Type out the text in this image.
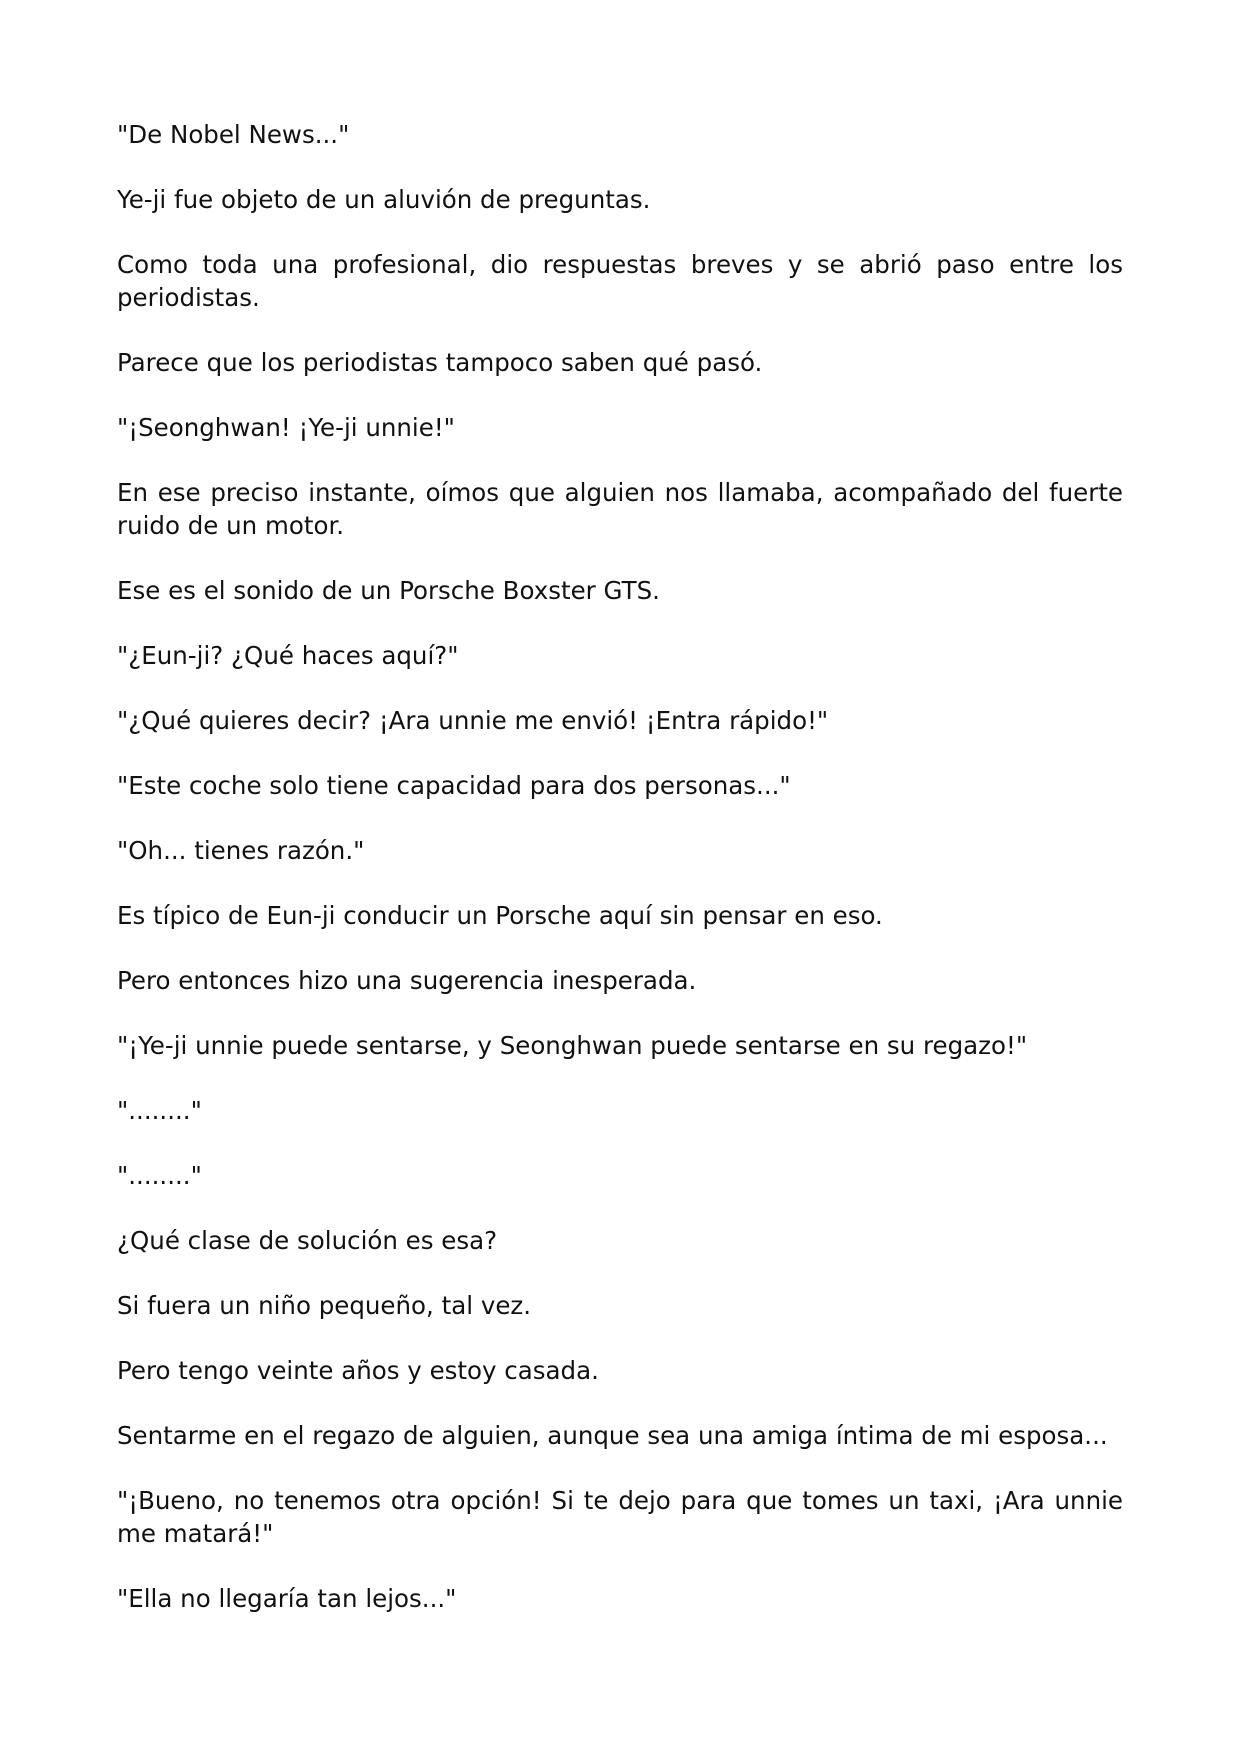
"De Nobel News..."

Ye-ji fue objeto de un aluvión de preguntas.

Como toda una profesional, dio respuestas breves y se abrió paso entre los periodistas.

Parece que los periodistas tampoco saben qué pasó.

"¡Seonghwan! ¡Ye-ji unnie!"

En ese preciso instante, oímos que alguien nos llamaba, acompañado del fuerte ruido de un motor.

Ese es el sonido de un Porsche Boxster GTS.

"¿Eun-ji? ¿Qué haces aquí?"

"¿Qué quieres decir? ¡Ara unnie me envió! ¡Entra rápido!"

"Este coche solo tiene capacidad para dos personas..."

"Oh... tienes razón."

Es típico de Eun-ji conducir un Porsche aquí sin pensar en eso.

Pero entonces hizo una sugerencia inesperada.

"¡Ye-ji unnie puede sentarse, y Seonghwan puede sentarse en su regazo!"

"........"

"........"

¿Qué clase de solución es esa?

Si fuera un niño pequeño, tal vez.

Pero tengo veinte años y estoy casada.

Sentarme en el regazo de alguien, aunque sea una amiga íntima de mi esposa...

"¡Bueno, no tenemos otra opción! Si te dejo para que tomes un taxi, ¡Ara unnie me matará!"

"Ella no llegaría tan lejos..."
